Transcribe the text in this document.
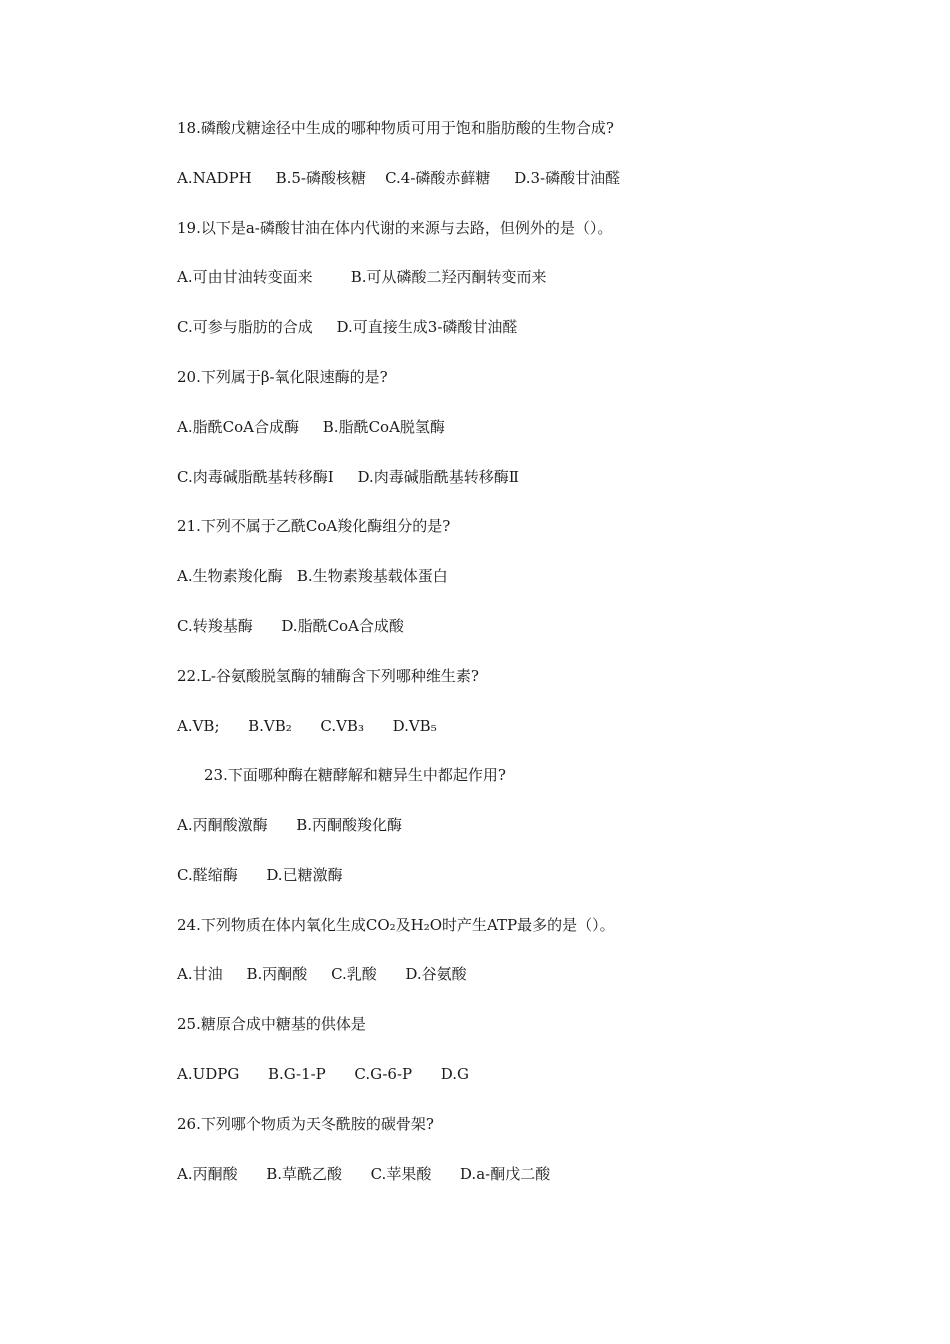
18.磷酸戊糖途径中生成的哪种物质可用于饱和脂肪酸的生物合成?
A.NADPH     B.5-磷酸核糖    C.4-磷酸赤藓糖     D.3-磷酸甘油醛
19.以下是a-磷酸甘油在体内代谢的来源与去路，但例外的是（）。
A.可由甘油转变面来        B.可从磷酸二羟丙酮转变而来
C.可参与脂肪的合成     D.可直接生成3-磷酸甘油醛
20.下列属于β-氧化限速酶的是?
A.脂酰CoA合成酶     B.脂酰CoA脱氢酶
C.肉毒碱脂酰基转移酶I     D.肉毒碱脂酰基转移酶Ⅱ
21.下列不属于乙酰CoA羧化酶组分的是?
A.生物素羧化酶   B.生物素羧基载体蛋白
C.转羧基酶      D.脂酰CoA合成酸
22.L-谷氨酸脱氢酶的辅酶含下列哪种维生素?
A.VB;      B.VB₂      C.VB₃      D.VB₅
23.下面哪种酶在糖酵解和糖异生中都起作用?
A.丙酮酸激酶      B.丙酮酸羧化酶
C.醛缩酶      D.已糖激酶
24.下列物质在体内氧化生成CO₂及H₂O时产生ATP最多的是（）。
A.甘油     B.丙酮酸     C.乳酸      D.谷氨酸
25.糖原合成中糖基的供体是
A.UDPG      B.G-1-P      C.G-6-P      D.G
26.下列哪个物质为天冬酰胺的碳骨架?
A.丙酮酸      B.草酰乙酸      C.苹果酸      D.a-酮戊二酸
